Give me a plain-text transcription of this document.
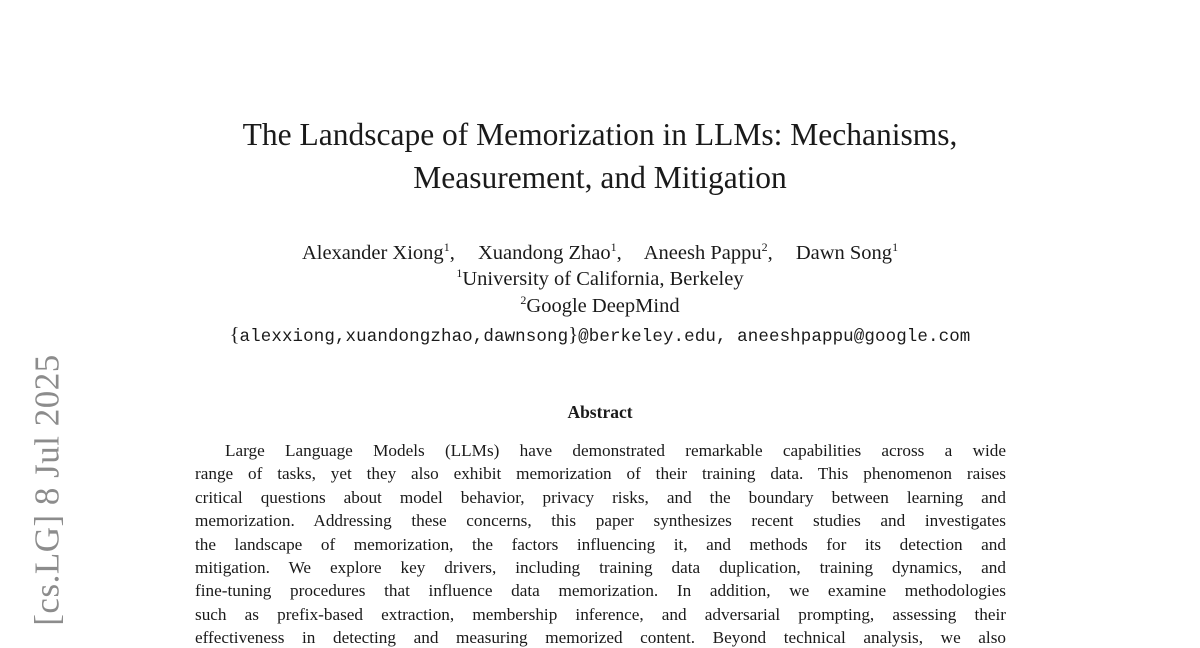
[cs.LG] 8 Jul 2025
The Landscape of Memorization in LLMs: Mechanisms,
Measurement, and Mitigation
Alexander Xiong$^1$, Xuandong Zhao$^1$, Aneesh Pappu$^2$, Dawn Song$^1$
$^1$University of California, Berkeley
$^2$Google DeepMind
{alexxiong,xuandongzhao,dawnsong}@berkeley.edu, aneeshpappu@google.com
Abstract
Large Language Models (LLMs) have demonstrated remarkable capabilities across a wide
range of tasks, yet they also exhibit memorization of their training data. This phenomenon raises
critical questions about model behavior, privacy risks, and the boundary between learning and
memorization. Addressing these concerns, this paper synthesizes recent studies and investigates
the landscape of memorization, the factors influencing it, and methods for its detection and
mitigation. We explore key drivers, including training data duplication, training dynamics, and
fine-tuning procedures that influence data memorization. In addition, we examine methodologies
such as prefix-based extraction, membership inference, and adversarial prompting, assessing their
effectiveness in detecting and measuring memorized content. Beyond technical analysis, we also
